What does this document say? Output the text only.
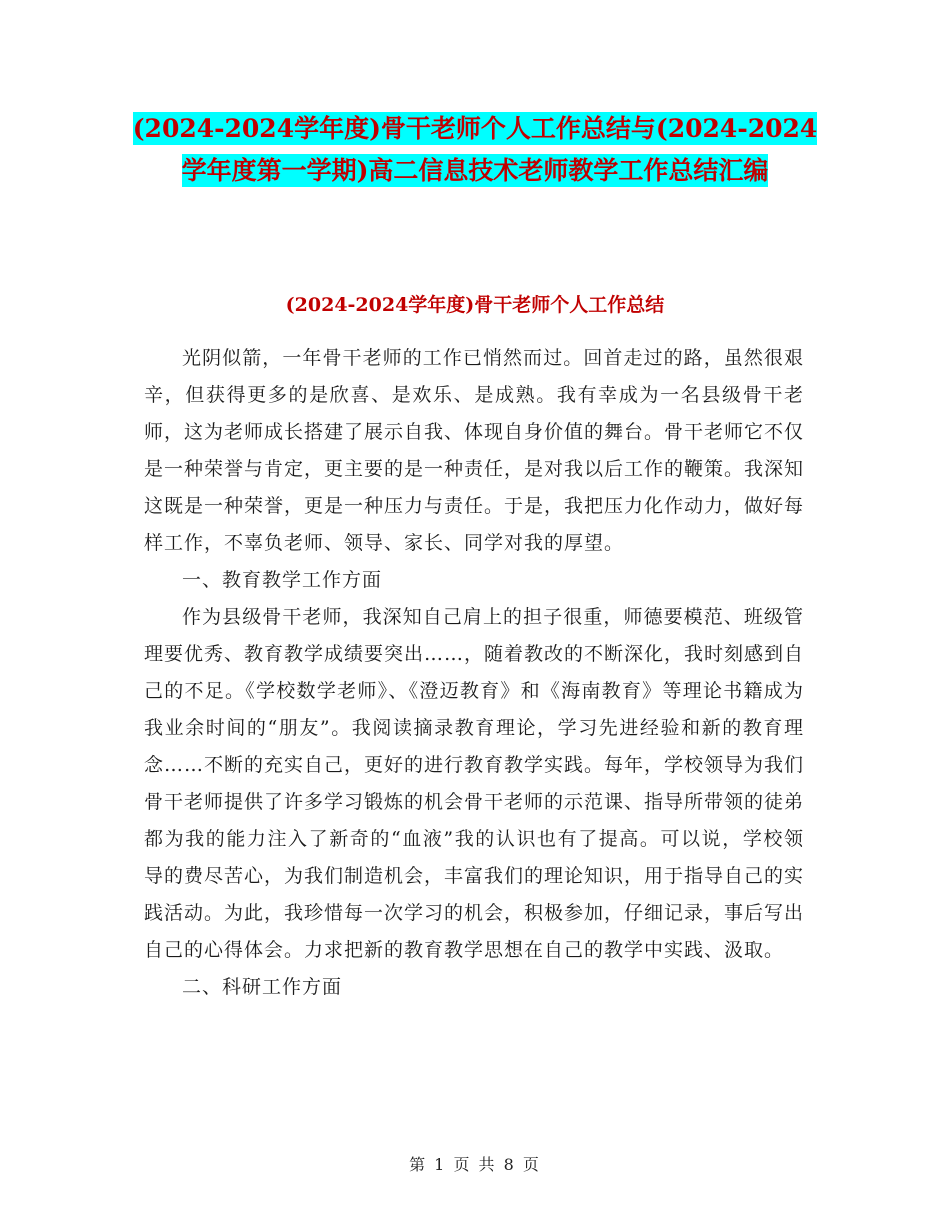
(2024-2024学年度)骨干老师个人工作总结与(2024-2024学年度第一学期)高二信息技术老师教学工作总结汇编
(2024-2024学年度)骨干老师个人工作总结

光阴似箭，一年骨干老师的工作已悄然而过。回首走过的路，虽然很艰辛，但获得更多的是欣喜、是欢乐、是成熟。我有幸成为一名县级骨干老师，这为老师成长搭建了展示自我、体现自身价值的舞台。骨干老师它不仅是一种荣誉与肯定，更主要的是一种责任，是对我以后工作的鞭策。我深知这既是一种荣誉，更是一种压力与责任。于是，我把压力化作动力，做好每样工作，不辜负老师、领导、家长、同学对我的厚望。

一、教育教学工作方面

作为县级骨干老师，我深知自己肩上的担子很重，师德要模范、班级管理要优秀、教育教学成绩要突出……，随着教改的不断深化，我时刻感到自己的不足。《学校数学老师》、《澄迈教育》和《海南教育》等理论书籍成为我业余时间的“朋友”。我阅读摘录教育理论，学习先进经验和新的教育理念……不断的充实自己，更好的进行教育教学实践。每年，学校领导为我们骨干老师提供了许多学习锻炼的机会骨干老师的示范课、指导所带领的徒弟都为我的能力注入了新奇的“血液”我的认识也有了提高。可以说，学校领导的费尽苦心，为我们制造机会，丰富我们的理论知识，用于指导自己的实践活动。为此，我珍惜每一次学习的机会，积极参加，仔细记录，事后写出自己的心得体会。力求把新的教育教学思想在自己的教学中实践、汲取。

二、科研工作方面

第 1 页 共 8 页
